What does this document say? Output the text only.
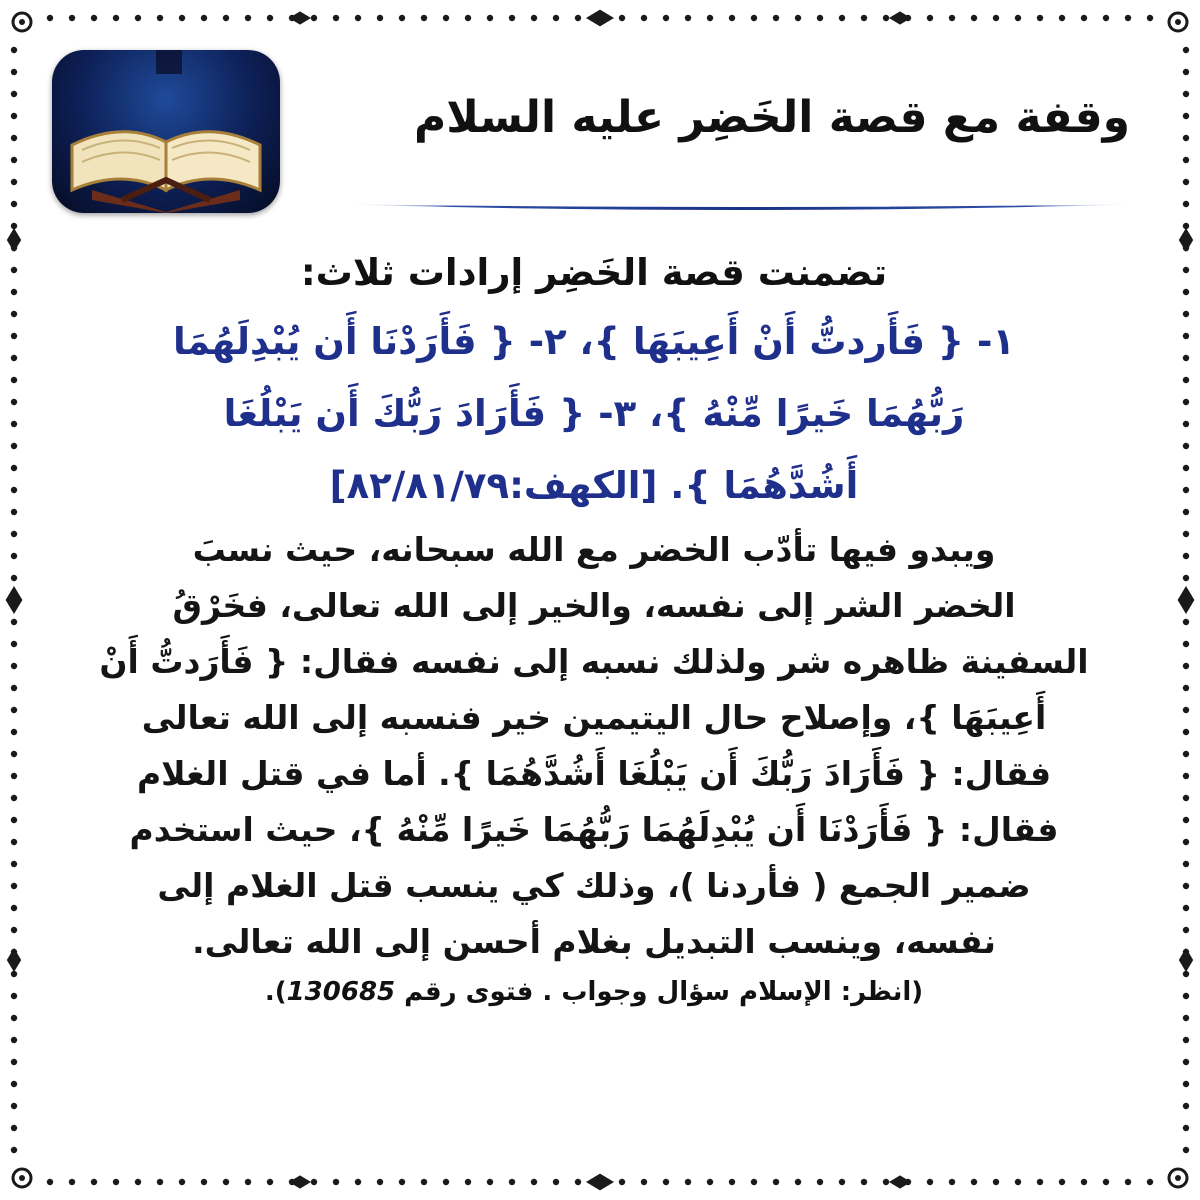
وقفة مع قصة الخَضِر عليه السلام

تضمنت قصة الخَضِر إرادات ثلاث:

١- { فَأَردتُّ أَنْ أَعِيبَهَا }، ٢- { فَأَرَدْنَا أَن يُبْدِلَهُمَا

رَبُّهُمَا خَيرًا مِّنْهُ }، ٣- { فَأَرَادَ رَبُّكَ أَن يَبْلُغَا

أَشُدَّهُمَا }. [الكهف:٨٢/٨١/٧٩]

ويبدو فيها تأدّب الخضر مع الله سبحانه، حيث نسبَ

الخضر الشر إلى نفسه، والخير إلى الله تعالى، فخَرْقُ

السفينة ظاهره شر ولذلك نسبه إلى نفسه فقال: { فَأَرَدتُّ أَنْ

أَعِيبَهَا }، وإصلاح حال اليتيمين خير فنسبه إلى الله تعالى

فقال: { فَأَرَادَ رَبُّكَ أَن يَبْلُغَا أَشُدَّهُمَا }. أما في قتل الغلام

فقال: { فَأَرَدْنَا أَن يُبْدِلَهُمَا رَبُّهُمَا خَيرًا مِّنْهُ }، حيث استخدم

ضمير الجمع ( فأردنا )، وذلك كي ينسب قتل الغلام إلى

نفسه، وينسب التبديل بغلام أحسن إلى الله تعالى.

(انظر: الإسلام سؤال وجواب . فتوى رقم 130685).
